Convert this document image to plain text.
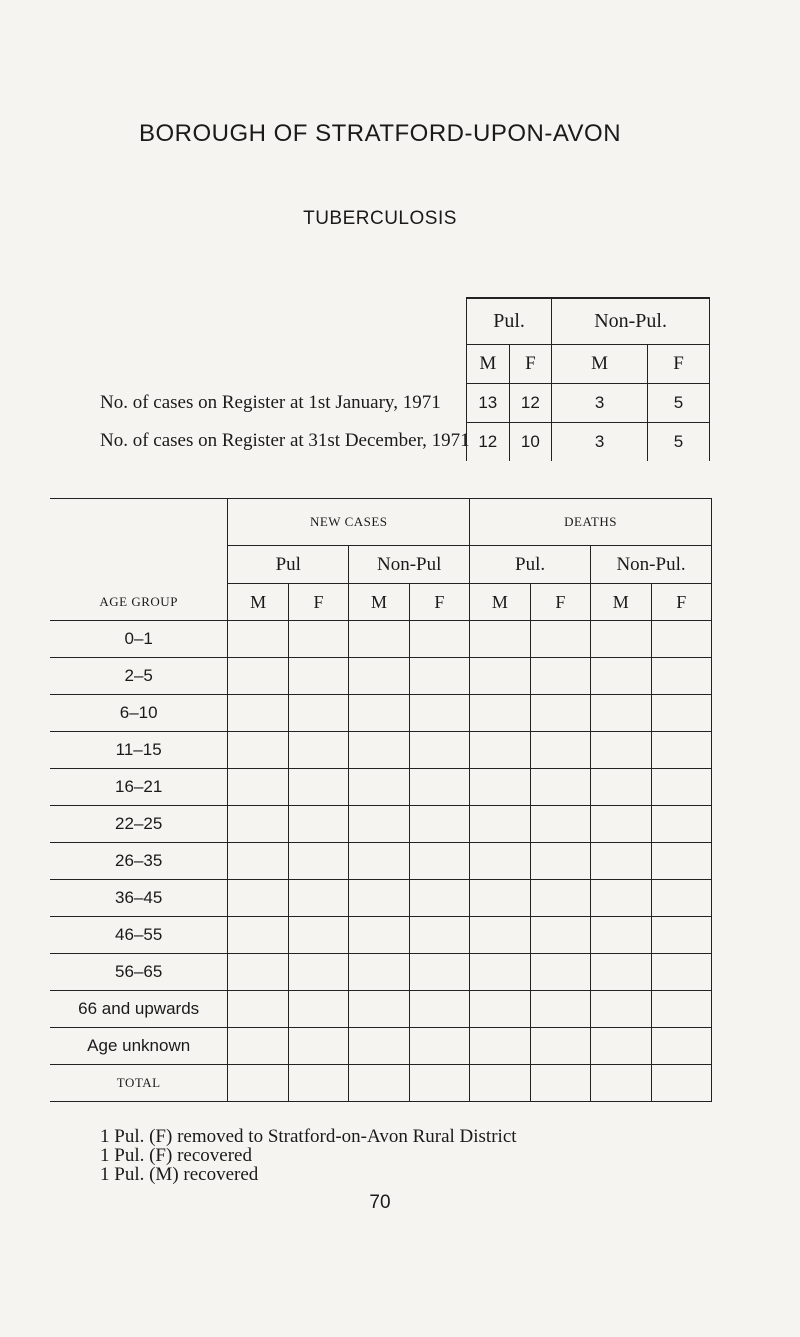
BOROUGH OF STRATFORD-UPON-AVON
TUBERCULOSIS
No. of cases on Register at 1st January, 1971
No. of cases on Register at 31st December, 1971
Pul.		Non-Pul.	
M	F	M	F
13	12	3	5
12	10	3	5
AGE GROUP	NEW CASES				DEATHS			
	Pul		Non-Pul		Pul.		Non-Pul.	
	M	F	M	F	M	F	M	F
0–1								
2–5								
6–10								
11–15								
16–21								
22–25								
26–35								
36–45								
46–55								
56–65								
66 and upwards								
Age unknown								
TOTAL								
1 Pul. (F) removed to Stratford-on-Avon Rural District
1 Pul. (F) recovered
1 Pul. (M) recovered
70
